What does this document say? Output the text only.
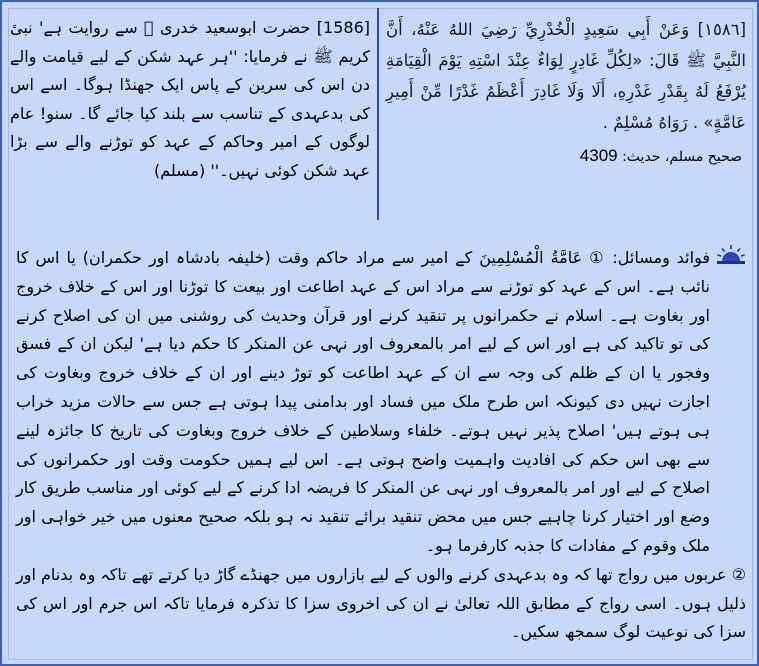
[1586] حضرت ابوسعید خدری ﷛ سے روایت ہے' نبیٔ کریم ﷺ نے فرمایا: ''ہر عہد شکن کے لیے قیامت والے دن اس کی سرین کے پاس ایک جھنڈا ہوگا۔ اسے اس کی بدعہدی کے تناسب سے بلند کیا جائے گا۔ سنو! عام لوگوں کے امیر وحاکم کے عہد کو توڑنے والے سے بڑا عہد شکن کوئی نہیں۔'' (مسلم)
[١٥٨٦] وَعَنْ أَبِي سَعِيدٍ الْخُدْرِيِّ رَضِيَ اللهُ عَنْهُ، أَنَّ النَّبِيَّ ﷺ قَالَ: «لِكُلِّ غَادِرٍ لِوَاءٌ عِنْدَ اسْتِهِ يَوْمَ الْقِيَامَةِ يُرْفَعُ لَهُ بِقَدْرِ غَدْرِهِ، أَلَا وَلَا غَادِرَ أَعْظَمُ غَدْرًا مِّنْ أَمِيرِ عَامَّةٍ» . رَوَاهُ مُسْلِمٌ .
صحیح مسلم، حدیث: 4309
فوائد ومسائل: ① عَامَّةُ الْمُسْلِمِينَ کے امیر سے مراد حاکم وقت (خلیفہ بادشاہ اور حکمران) یا اس کا نائب ہے۔ اس کے عہد کو توڑنے سے مراد اس کے عہد اطاعت اور بیعت کا توڑنا اور اس کے خلاف خروج اور بغاوت ہے۔ اسلام نے حکمرانوں پر تنقید کرنے اور قرآن وحدیث کی روشنی میں ان کی اصلاح کرنے کی تو تاکید کی ہے اور اس کے لیے امر بالمعروف اور نہی عن المنکر کا حکم دیا ہے' لیکن ان کے فسق وفجور یا ان کے ظلم کی وجہ سے ان کے عہد اطاعت کو توڑ دینے اور ان کے خلاف خروج وبغاوت کی اجازت نہیں دی کیونکہ اس طرح ملک میں فساد اور بدامنی پیدا ہوتی ہے جس سے حالات مزید خراب ہی ہوتے ہیں' اصلاح پذیر نہیں ہوتے۔ خلفاء وسلاطین کے خلاف خروج وبغاوت کی تاریخ کا جائزہ لینے سے بھی اس حکم کی افادیت واہمیت واضح ہوتی ہے۔ اس لیے ہمیں حکومت وقت اور حکمرانوں کی اصلاح کے لیے اور امر بالمعروف اور نہی عن المنکر کا فریضہ ادا کرنے کے لیے کوئی اور مناسب طریق کار وضع اور اختیار کرنا چاہیے جس میں محض تنقید برائے تنقید نہ ہو بلکہ صحیح معنوں میں خیر خواہی اور ملک وقوم کے مفادات کا جذبہ کارفرما ہو۔
② عربوں میں رواج تھا کہ وہ بدعہدی کرنے والوں کے لیے بازاروں میں جھنڈے گاڑ دیا کرتے تھے تاکہ وہ بدنام اور ذلیل ہوں۔ اسی رواج کے مطابق اللہ تعالیٰ نے ان کی اخروی سزا کا تذکرہ فرمایا تاکہ اس جرم اور اس کی سزا کی نوعیت لوگ سمجھ سکیں۔
